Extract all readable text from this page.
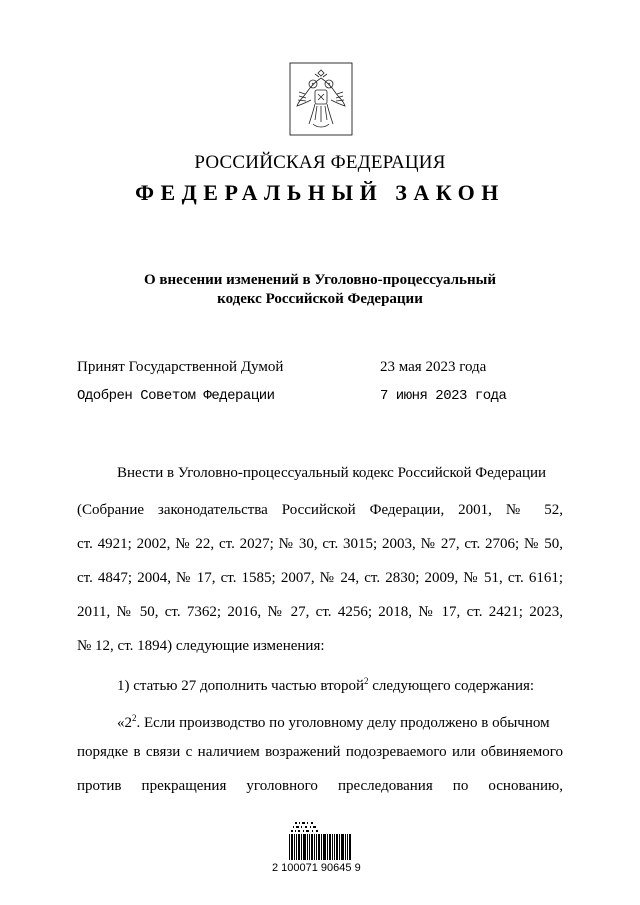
РОССИЙСКАЯ ФЕДЕРАЦИЯ
ФЕДЕРАЛЬНЫЙ ЗАКОН
О внесении изменений в Уголовно-процессуальный
кодекс Российской Федерации
Принят Государственной Думой	23 мая 2023 года
Одобрен Советом Федерации	7 июня 2023 года
Внести в Уголовно-процессуальный кодекс Российской Федерации
(Собрание законодательства Российской Федерации, 2001, № 52,
ст. 4921; 2002, № 22, ст. 2027; № 30, ст. 3015; 2003, № 27, ст. 2706; № 50,
ст. 4847; 2004, № 17, ст. 1585; 2007, № 24, ст. 2830; 2009, № 51, ст. 6161;
2011, № 50, ст. 7362; 2016, № 27, ст. 4256; 2018, № 17, ст. 2421; 2023,
№ 12, ст. 1894) следующие изменения:
1) статью 27 дополнить частью второй$^2$ следующего содержания:
«$2^2$. Если производство по уголовному делу продолжено в обычном
порядке в связи с наличием возражений подозреваемого или обвиняемого
против прекращения уголовного преследования по основанию,
2 100071 90645 9
